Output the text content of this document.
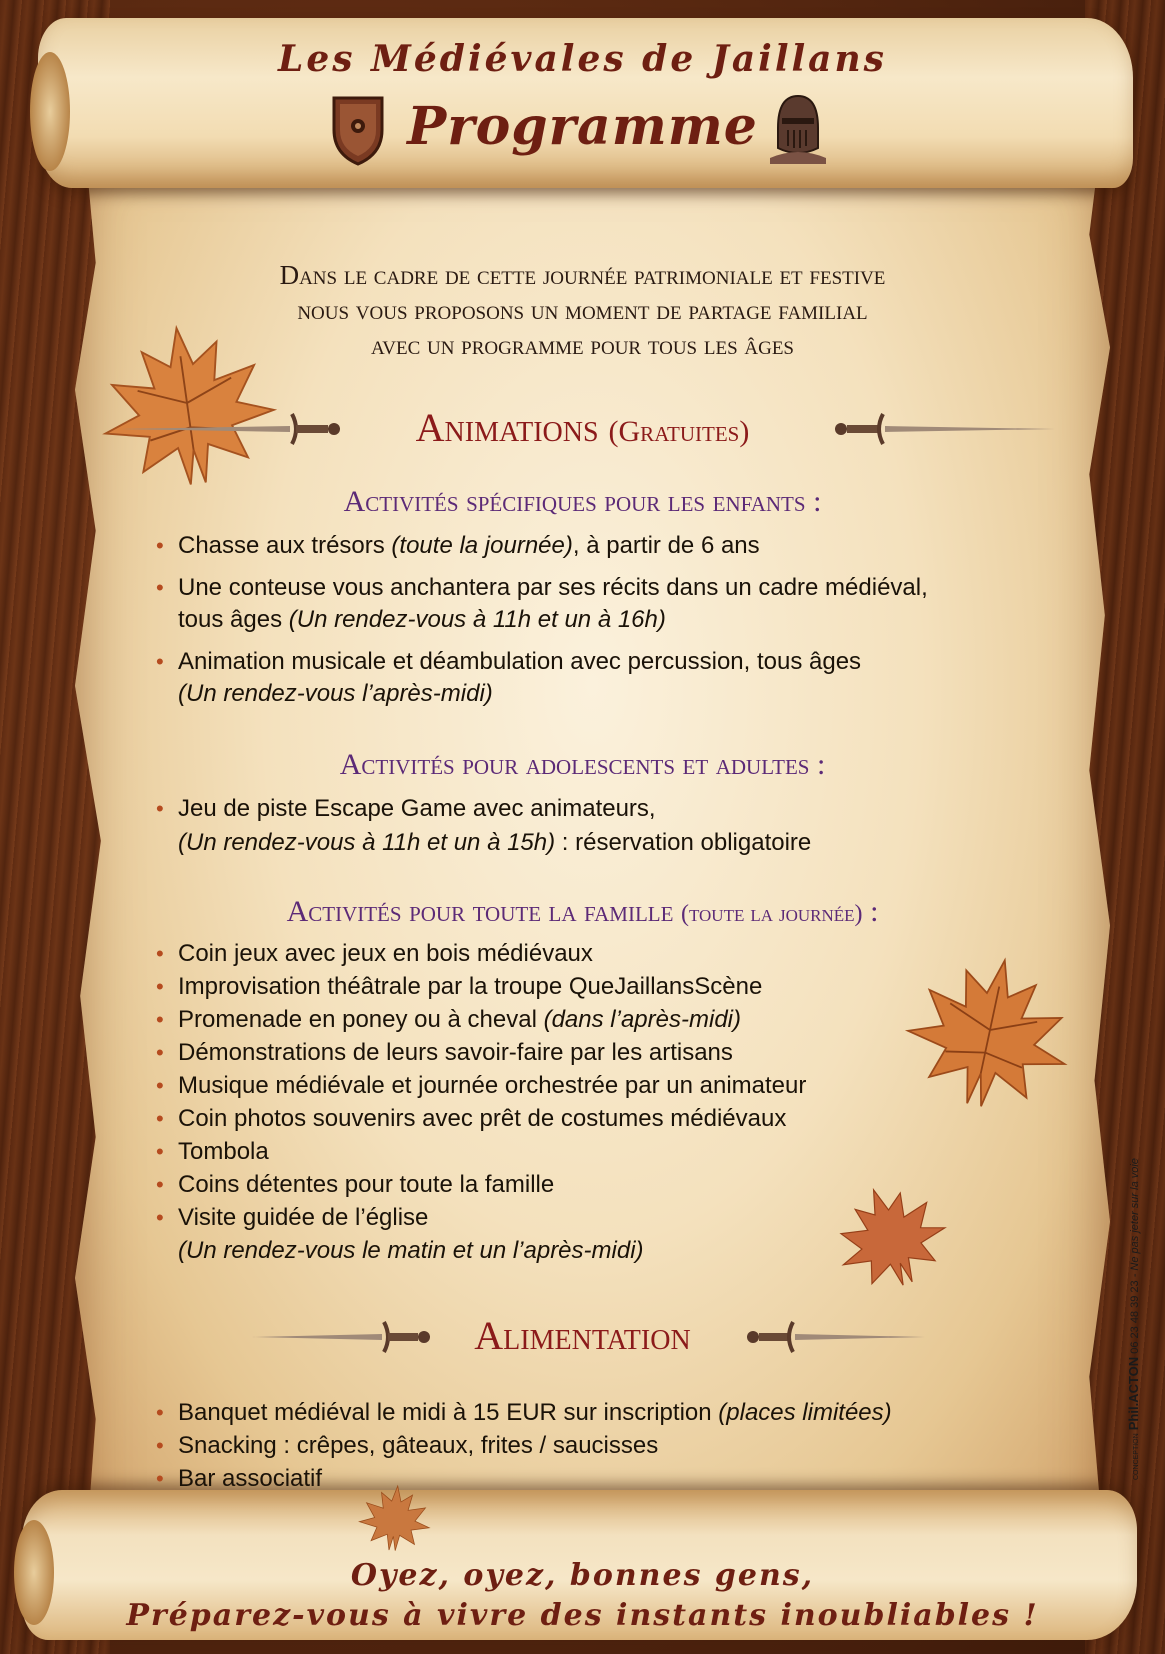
Les Médiévales de Jaillans
Programme
Dans le cadre de cette journée patrimoniale et festive
nous vous proposons un moment de partage familial
avec un programme pour tous les âges
Animations (Gratuites)
Activités spécifiques pour les enfants :
• Chasse aux trésors (toute la journée), à partir de 6 ans
• Une conteuse vous anchantera par ses récits dans un cadre médiéval,
tous âges (Un rendez-vous à 11h et un à 16h)
• Animation musicale et déambulation avec percussion, tous âges
(Un rendez-vous l’après-midi)
Activités pour adolescents et adultes :
• Jeu de piste Escape Game avec animateurs,
(Un rendez-vous à 11h et un à 15h) : réservation obligatoire
Activités pour toute la famille (toute la journée) :
• Coin jeux avec jeux en bois médiévaux
• Improvisation théâtrale par la troupe QueJaillansScène
• Promenade en poney ou à cheval (dans l’après-midi)
• Démonstrations de leurs savoir-faire par les artisans
• Musique médiévale et journée orchestrée par un animateur
• Coin photos souvenirs avec prêt de costumes médiévaux
• Tombola
• Coins détentes pour toute la famille
• Visite guidée de l’église
(Un rendez-vous le matin et un l’après-midi)
Alimentation
• Banquet médiéval le midi à 15 EUR sur inscription (places limitées)
• Snacking : crêpes, gâteaux, frites / saucisses
• Bar associatif
Oyez, oyez, bonnes gens,
Préparez-vous à vivre des instants inoubliables !
CONCEPTION Phil.ACTON 06 23 48 39 23 - Ne pas jeter sur la voie
